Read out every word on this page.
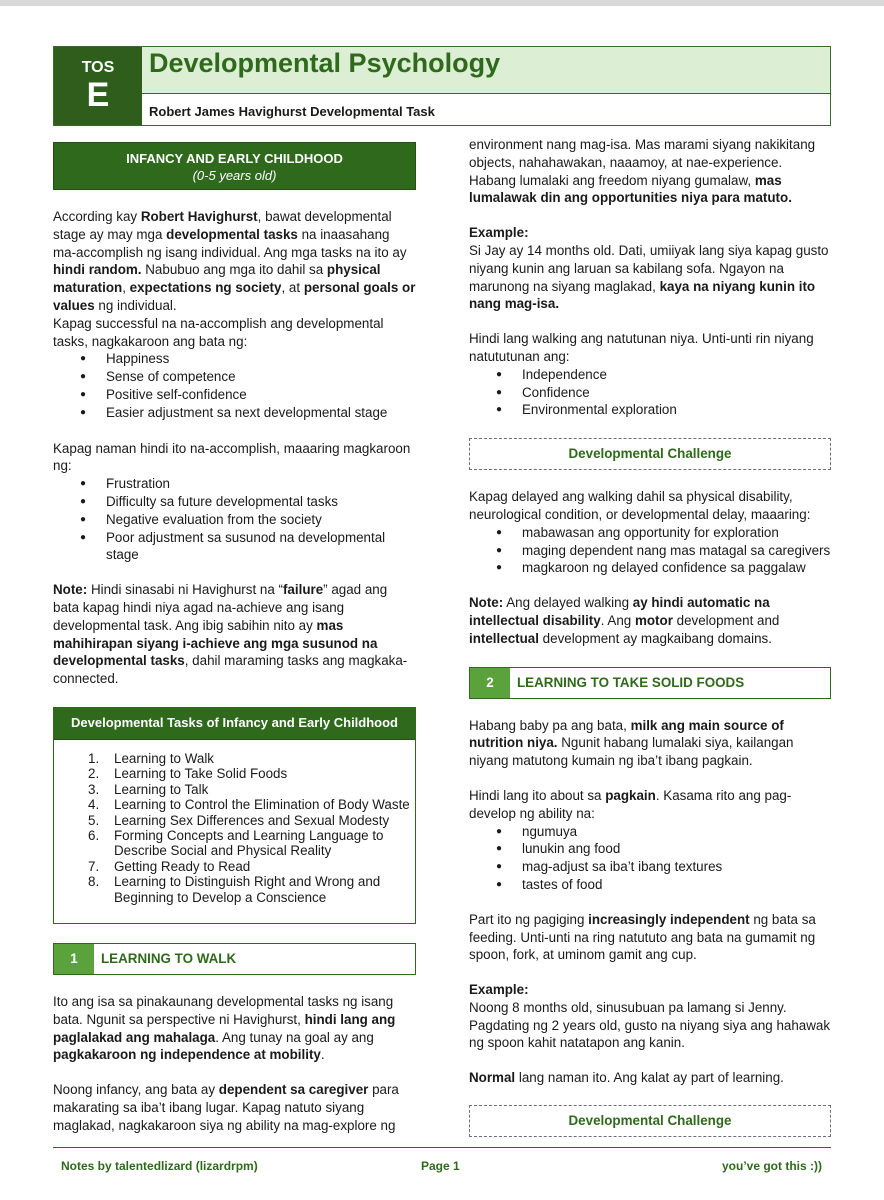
TOS
E
Developmental Psychology
Robert James Havighurst Developmental Task
INFANCY AND EARLY CHILDHOOD
(0-5 years old)

According kay Robert Havighurst, bawat developmental stage ay may mga developmental tasks na inaasahang ma-accomplish ng isang individual. Ang mga tasks na ito ay hindi random. Nabubuo ang mga ito dahil sa physical maturation, expectations ng society, at personal goals or values ng individual.

Kapag successful na na-accomplish ang developmental tasks, nagkakaroon ang bata ng:

● Happiness
● Sense of competence
● Positive self-confidence
● Easier adjustment sa next developmental stage

Kapag naman hindi ito na-accomplish, maaaring magkaroon ng:

● Frustration
● Difficulty sa future developmental tasks
● Negative evaluation from the society
● Poor adjustment sa susunod na developmental stage

Note: Hindi sinasabi ni Havighurst na “failure” agad ang bata kapag hindi niya agad na-achieve ang isang developmental task. Ang ibig sabihin nito ay mas mahihirapan siyang i-achieve ang mga susunod na developmental tasks, dahil maraming tasks ang magkaka-connected.

Developmental Tasks of Infancy and Early Childhood
1. Learning to Walk
2. Learning to Take Solid Foods
3. Learning to Talk
4. Learning to Control the Elimination of Body Waste
5. Learning Sex Differences and Sexual Modesty
6. Forming Concepts and Learning Language to Describe Social and Physical Reality
7. Getting Ready to Read
8. Learning to Distinguish Right and Wrong and Beginning to Develop a Conscience
1	LEARNING TO WALK

Ito ang isa sa pinakaunang developmental tasks ng isang bata. Ngunit sa perspective ni Havighurst, hindi lang ang paglalakad ang mahalaga. Ang tunay na goal ay ang pagkakaroon ng independence at mobility.

Noong infancy, ang bata ay dependent sa caregiver para makarating sa iba’t ibang lugar. Kapag natuto siyang maglakad, nagkakaroon siya ng ability na mag-explore ng

environment nang mag-isa. Mas marami siyang nakikitang objects, nahahawakan, naaamoy, at nae-experience. Habang lumalaki ang freedom niyang gumalaw, mas lumalawak din ang opportunities niya para matuto.

Example:
Si Jay ay 14 months old. Dati, umiiyak lang siya kapag gusto niyang kunin ang laruan sa kabilang sofa. Ngayon na marunong na siyang maglakad, kaya na niyang kunin ito nang mag-isa.

Hindi lang walking ang natutunan niya. Unti-unti rin niyang natututunan ang:

● Independence
● Confidence
● Environmental exploration
Developmental Challenge

Kapag delayed ang walking dahil sa physical disability, neurological condition, or developmental delay, maaaring:

● mabawasan ang opportunity for exploration
● maging dependent nang mas matagal sa caregivers
● magkaroon ng delayed confidence sa paggalaw

Note: Ang delayed walking ay hindi automatic na intellectual disability. Ang motor development and intellectual development ay magkaibang domains.

2	LEARNING TO TAKE SOLID FOODS

Habang baby pa ang bata, milk ang main source of nutrition niya. Ngunit habang lumalaki siya, kailangan niyang matutong kumain ng iba’t ibang pagkain.

Hindi lang ito about sa pagkain. Kasama rito ang pag-develop ng ability na:

● ngumuya
● lunukin ang food
● mag-adjust sa iba’t ibang textures
● tastes of food

Part ito ng pagiging increasingly independent ng bata sa feeding. Unti-unti na ring natututo ang bata na gumamit ng spoon, fork, at uminom gamit ang cup.

Example:
Noong 8 months old, sinusubuan pa lamang si Jenny. Pagdating ng 2 years old, gusto na niyang siya ang hahawak ng spoon kahit natatapon ang kanin.

Normal lang naman ito. Ang kalat ay part of learning.

Developmental Challenge
Notes by talentedlizard (lizardrpm)	Page 1	you’ve got this :))
